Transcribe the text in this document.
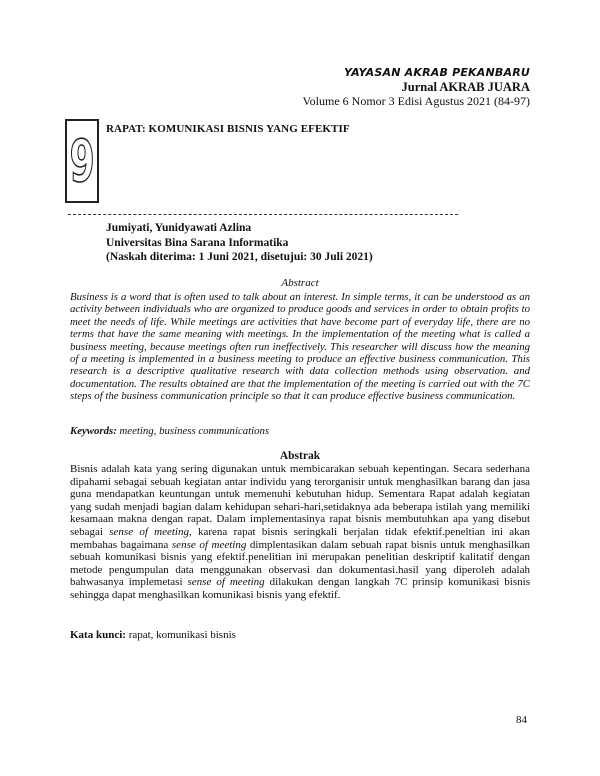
YAYASAN AKRAB PEKANBARU
Jurnal AKRAB JUARA
Volume 6 Nomor 3 Edisi Agustus 2021 (84-97)
9 RAPAT: KOMUNIKASI BISNIS YANG EFEKTIF
Jumiyati, Yunidyawati Azlina
Universitas Bina Sarana Informatika
(Naskah diterima: 1 Juni 2021, disetujui: 30 Juli 2021)
Abstract
Business is a word that is often used to talk about an interest. In simple terms, it can be understood as an activity between individuals who are organized to produce goods and services in order to obtain profits to meet the needs of life. While meetings are activities that have become part of everyday life, there are no terms that have the same meaning with meetings. In the implementation of the meeting what is called a business meeting, because meetings often run ineffectively. This researcher will discuss how the meaning of a meeting is implemented in a business meeting to produce an effective business communication. This research is a descriptive qualitative research with data collection methods using observation. and documentation. The results obtained are that the implementation of the meeting is carried out with the 7C steps of the business communication principle so that it can produce effective business communication.
Keywords: meeting, business communications
Abstrak
Bisnis adalah kata yang sering digunakan untuk membicarakan sebuah kepentingan. Secara sederhana dipahami sebagai sebuah kegiatan antar individu yang terorganisir untuk menghasilkan barang dan jasa guna mendapatkan keuntungan untuk memenuhi kebutuhan hidup. Sementara Rapat adalah kegiatan yang sudah menjadi bagian dalam kehidupan sehari-hari,setidaknya ada beberapa istilah yang memiliki kesamaan makna dengan rapat. Dalam implementasinya rapat bisnis membutuhkan apa yang disebut sebagai sense of meeting, karena rapat bisnis seringkali berjalan tidak efektif.peneltian ini akan membahas bagaimana sense of meeting dimplentasikan dalam sebuah rapat bisnis untuk menghasilkan sebuah komunikasi bisnis yang efektif.penelitian ini merupakan penelitian deskriptif kalitatif dengan metode pengumpulan data menggunakan observasi dan dokumentasi.hasil yang diperoleh adalah bahwasanya implemetasi sense of meeting dilakukan dengan langkah 7C prinsip komunikasi bisnis sehingga dapat menghasilkan komunikasi bisnis yang efektif.
Kata kunci: rapat, komunikasi bisnis
84
